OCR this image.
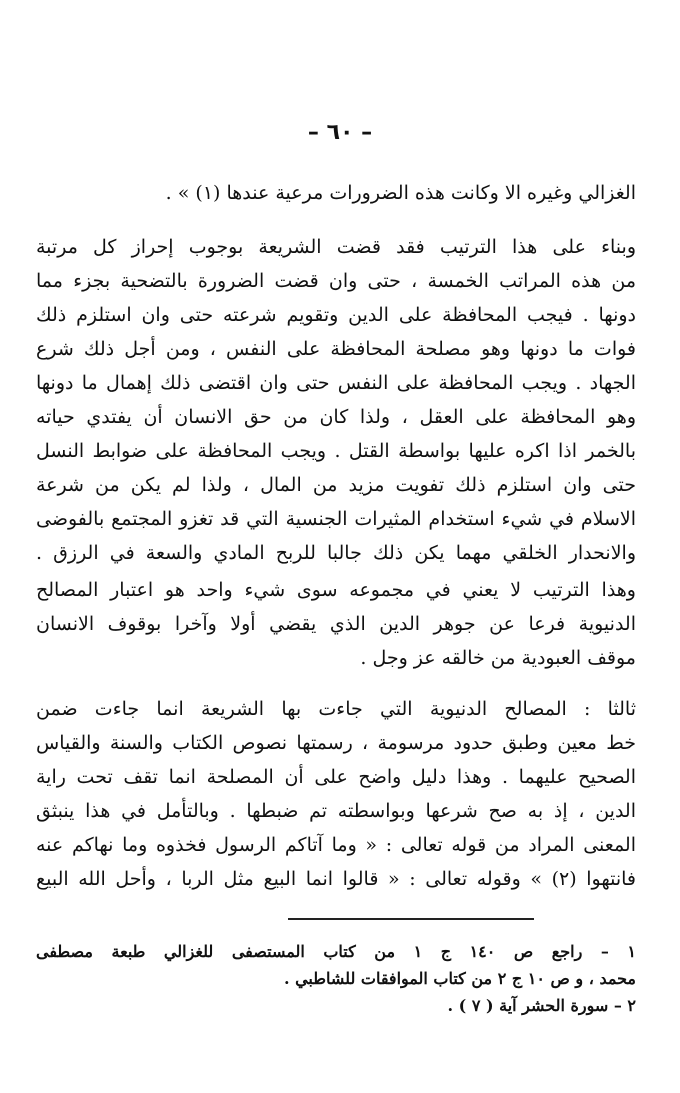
– ٦٠ –
الغزالي وغيره الا وكانت هذه الضرورات مرعية عندها (١) » .
وبناء على هذا الترتيب فقد قضت الشريعة بوجوب إحراز كل مرتبة
من هذه المراتب الخمسة ، حتى وان قضت الضرورة بالتضحية بجزء مما
دونها . فيجب المحافظة على الدين وتقويم شرعته حتى وان استلزم ذلك
فوات ما دونها وهو مصلحة المحافظة على النفس ، ومن أجل ذلك شرع
الجهاد . ويجب المحافظة على النفس حتى وان اقتضى ذلك إهمال ما دونها
وهو المحافظة على العقل ، ولذا كان من حق الانسان أن يفتدي حياته
بالخمر اذا اكره عليها بواسطة القتل . ويجب المحافظة على ضوابط النسل
حتى وان استلزم ذلك تفويت مزيد من المال ، ولذا لم يكن من شرعة
الاسلام في شيء استخدام المثيرات الجنسية التي قد تغزو المجتمع بالفوضى
والانحدار الخلقي مهما يكن ذلك جالبا للربح المادي والسعة في الرزق .
وهذا الترتيب لا يعني في مجموعه سوى شيء واحد هو اعتبار المصالح
الدنيوية فرعا عن جوهر الدين الذي يقضي أولا وآخرا بوقوف الانسان
موقف العبودية من خالقه عز وجل .
ثالثا : المصالح الدنيوية التي جاءت بها الشريعة انما جاءت ضمن
خط معين وطبق حدود مرسومة ، رسمتها نصوص الكتاب والسنة والقياس
الصحيح عليهما . وهذا دليل واضح على أن المصلحة انما تقف تحت راية
الدين ، إذ به صح شرعها وبواسطته تم ضبطها . وبالتأمل في هذا ينبثق
المعنى المراد من قوله تعالى : « وما آتاكم الرسول فخذوه وما نهاكم عنه
فانتهوا (٢) » وقوله تعالى : « قالوا انما البيع مثل الربا ، وأحل الله البيع
١ – راجع ص ١٤٠ ج ١ من كتاب المستصفى للغزالي طبعة مصطفى
محمد ، و ص ١٠ ج ٢ من كتاب الموافقات للشاطبي .
٢ – سورة الحشر آية ( ٧ ) .
